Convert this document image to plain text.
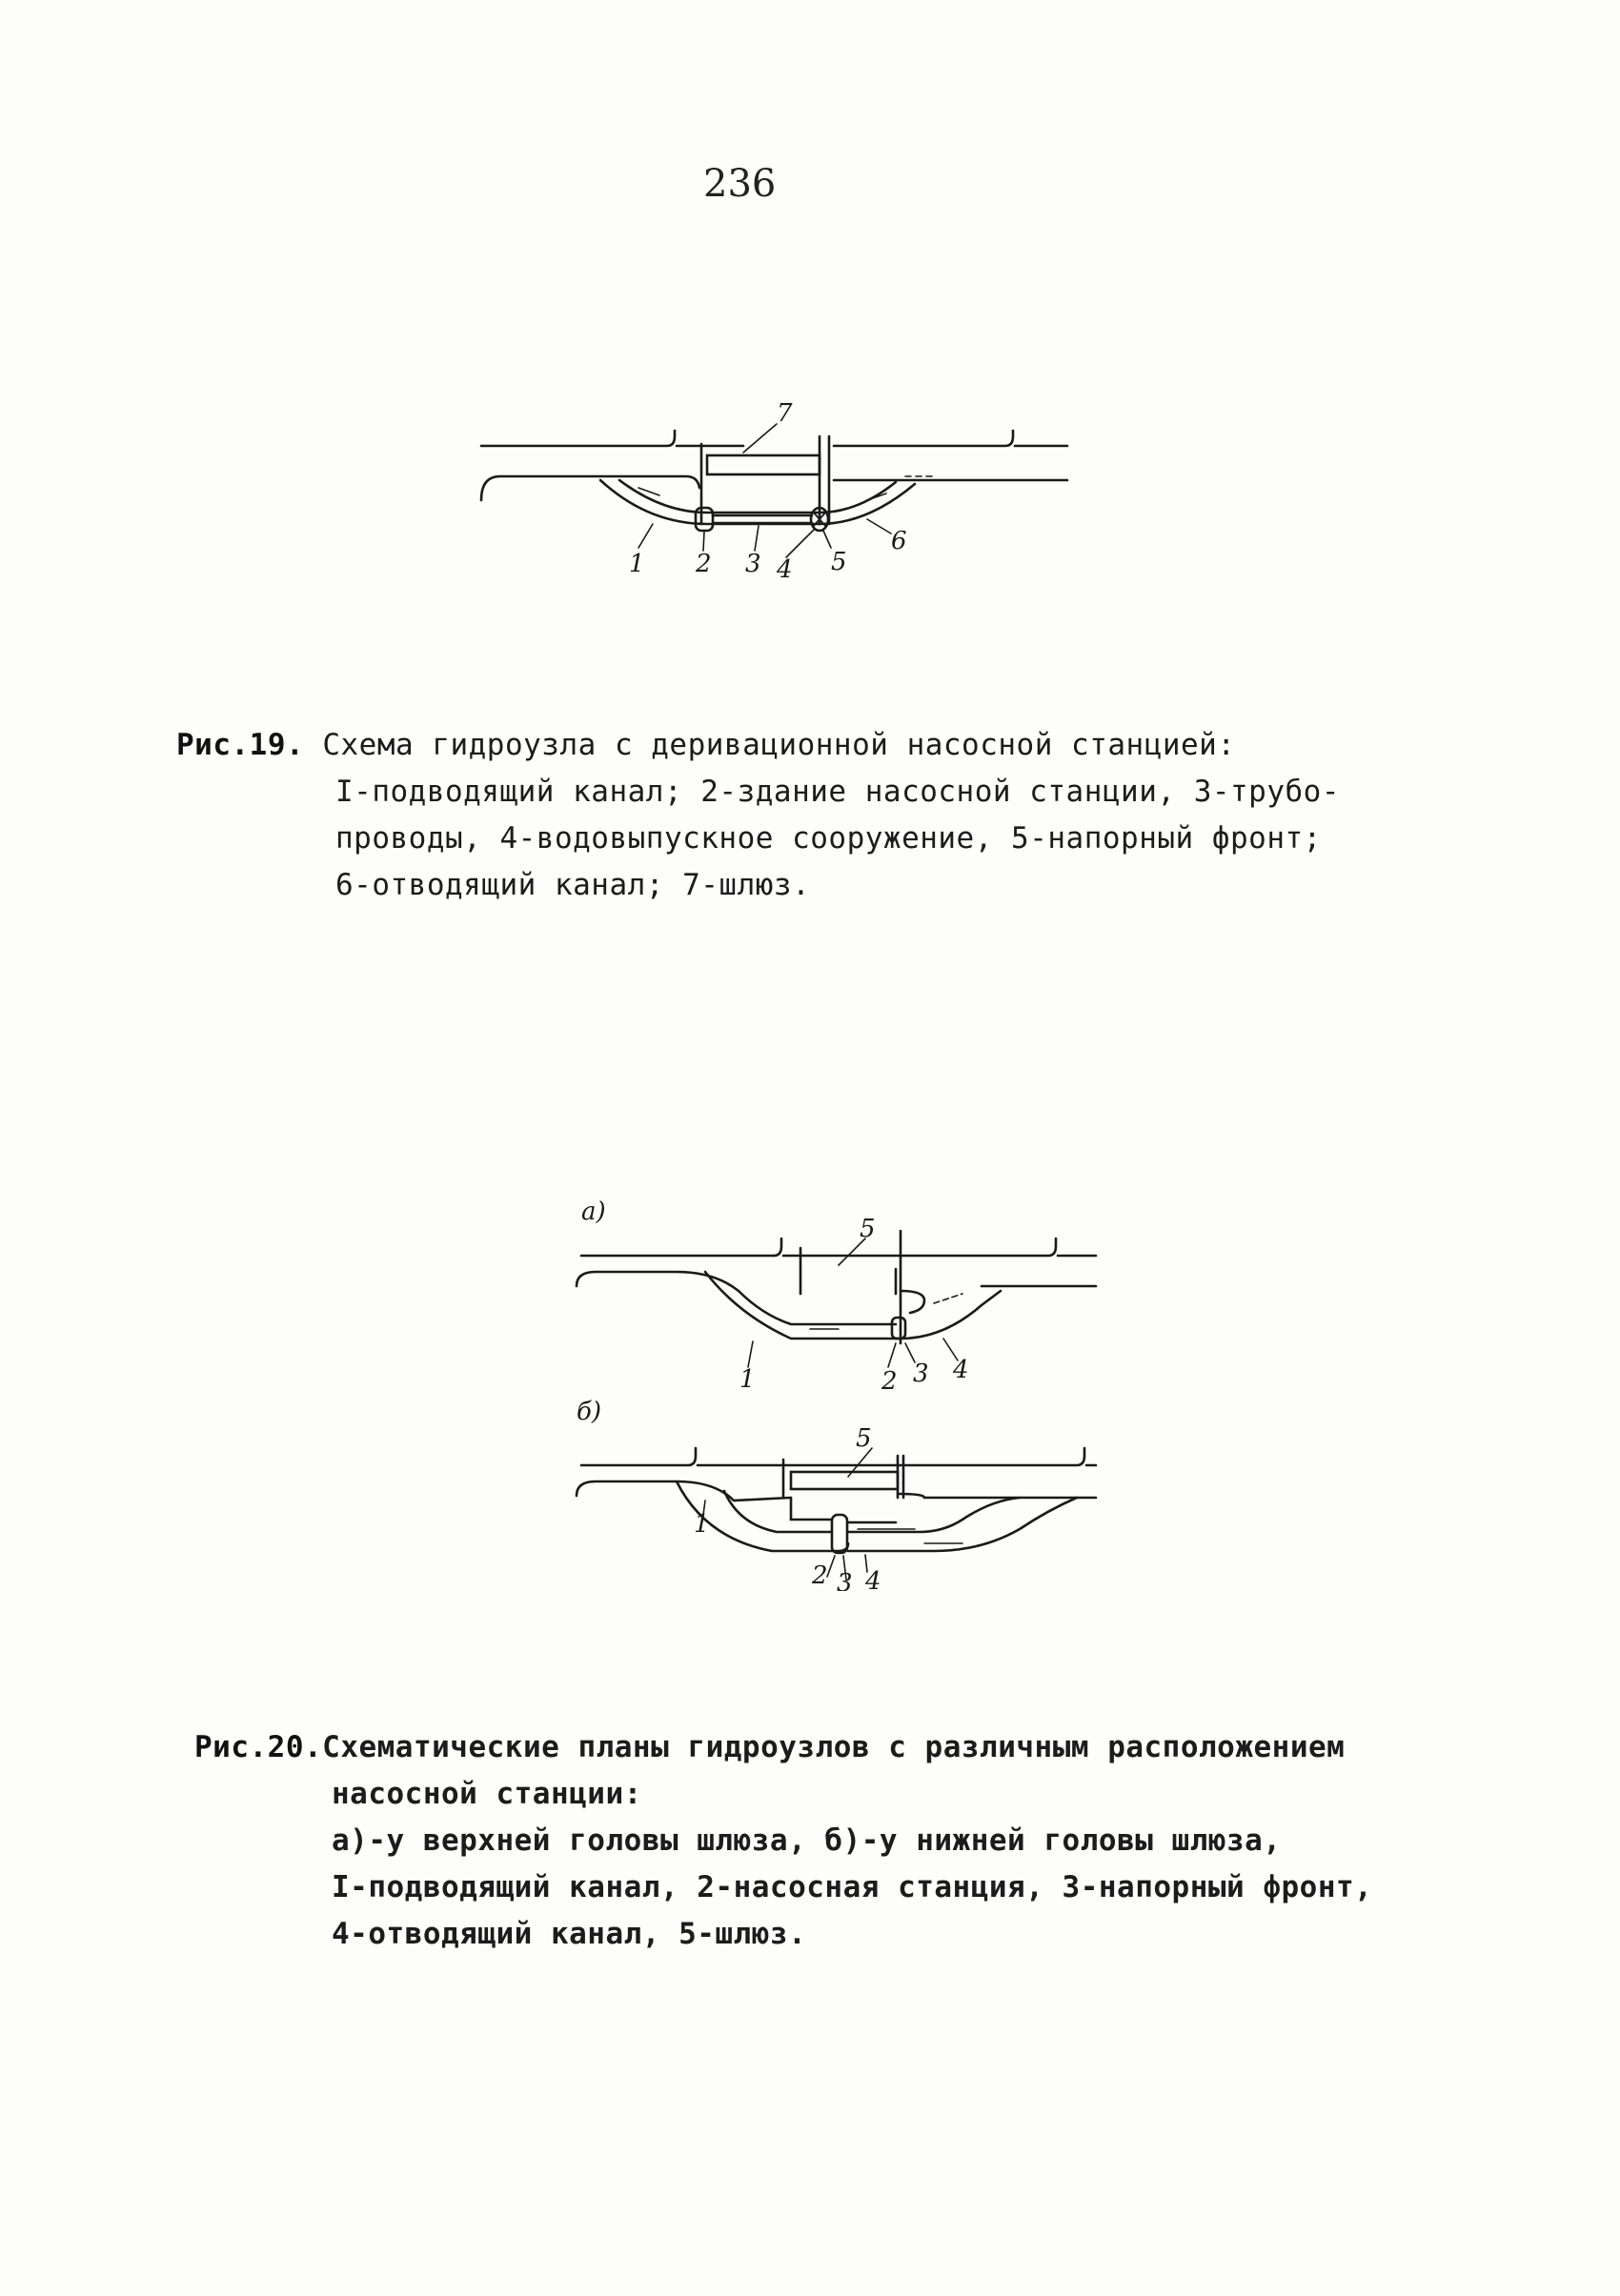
236
7
1 2 3 4 5
6
Рис.19. Схема гидроузла с деривационной насосной станцией:
I-подводящий канал; 2-здание насосной станции, 3-трубо-
проводы, 4-водовыпускное сооружение, 5-напорный фронт;
6-отводящий канал; 7-шлюз.
а)
5
1	2 3 4
б)
5
1
2 3 4
Рис.20.Схематические планы гидроузлов с различным расположением
насосной станции:
а)-у верхней головы шлюза, б)-у нижней головы шлюза,
I-подводящий канал, 2-насосная станция, 3-напорный фронт,
4-отводящий канал, 5-шлюз.
